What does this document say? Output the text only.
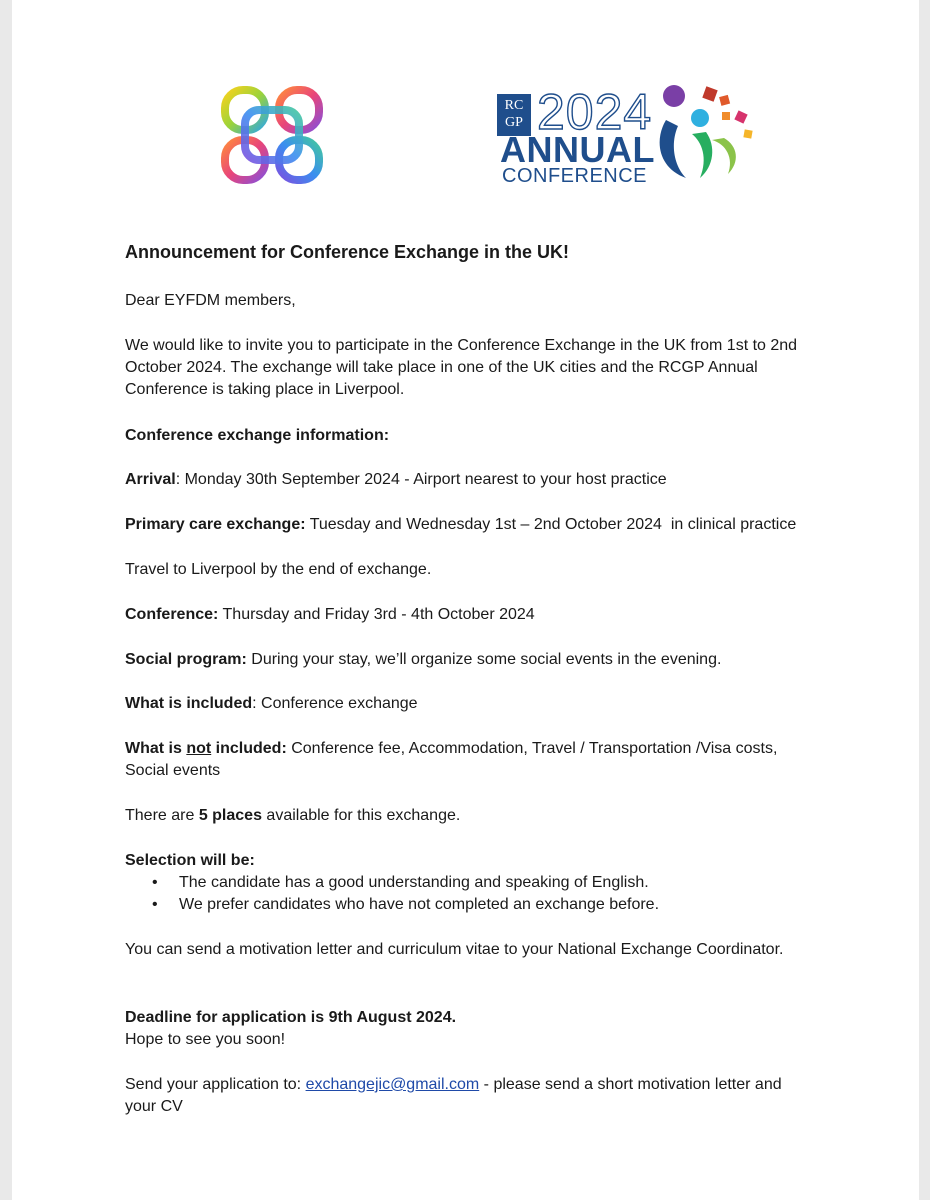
RC
GP 2024
ANNUAL
CONFERENCE
Announcement for Conference Exchange in the UK!

Dear EYFDM members,

We would like to invite you to participate in the Conference Exchange in the UK from 1st to 2nd October 2024. The exchange will take place in one of the UK cities and the RCGP Annual Conference is taking place in Liverpool.

Conference exchange information:

Arrival: Monday 30th September 2024 - Airport nearest to your host practice

Primary care exchange: Tuesday and Wednesday 1st – 2nd October 2024  in clinical practice

Travel to Liverpool by the end of exchange.

Conference: Thursday and Friday 3rd - 4th October 2024

Social program: During your stay, we’ll organize some social events in the evening.

What is included: Conference exchange

What is not included: Conference fee, Accommodation, Travel / Transportation /Visa costs, Social events

There are 5 places available for this exchange.

Selection will be:

• The candidate has a good understanding and speaking of English.
• We prefer candidates who have not completed an exchange before.

You can send a motivation letter and curriculum vitae to your National Exchange Coordinator.

Deadline for application is 9th August 2024.

Hope to see you soon!

Send your application to: exchangejic@gmail.com - please send a short motivation letter and your CV
